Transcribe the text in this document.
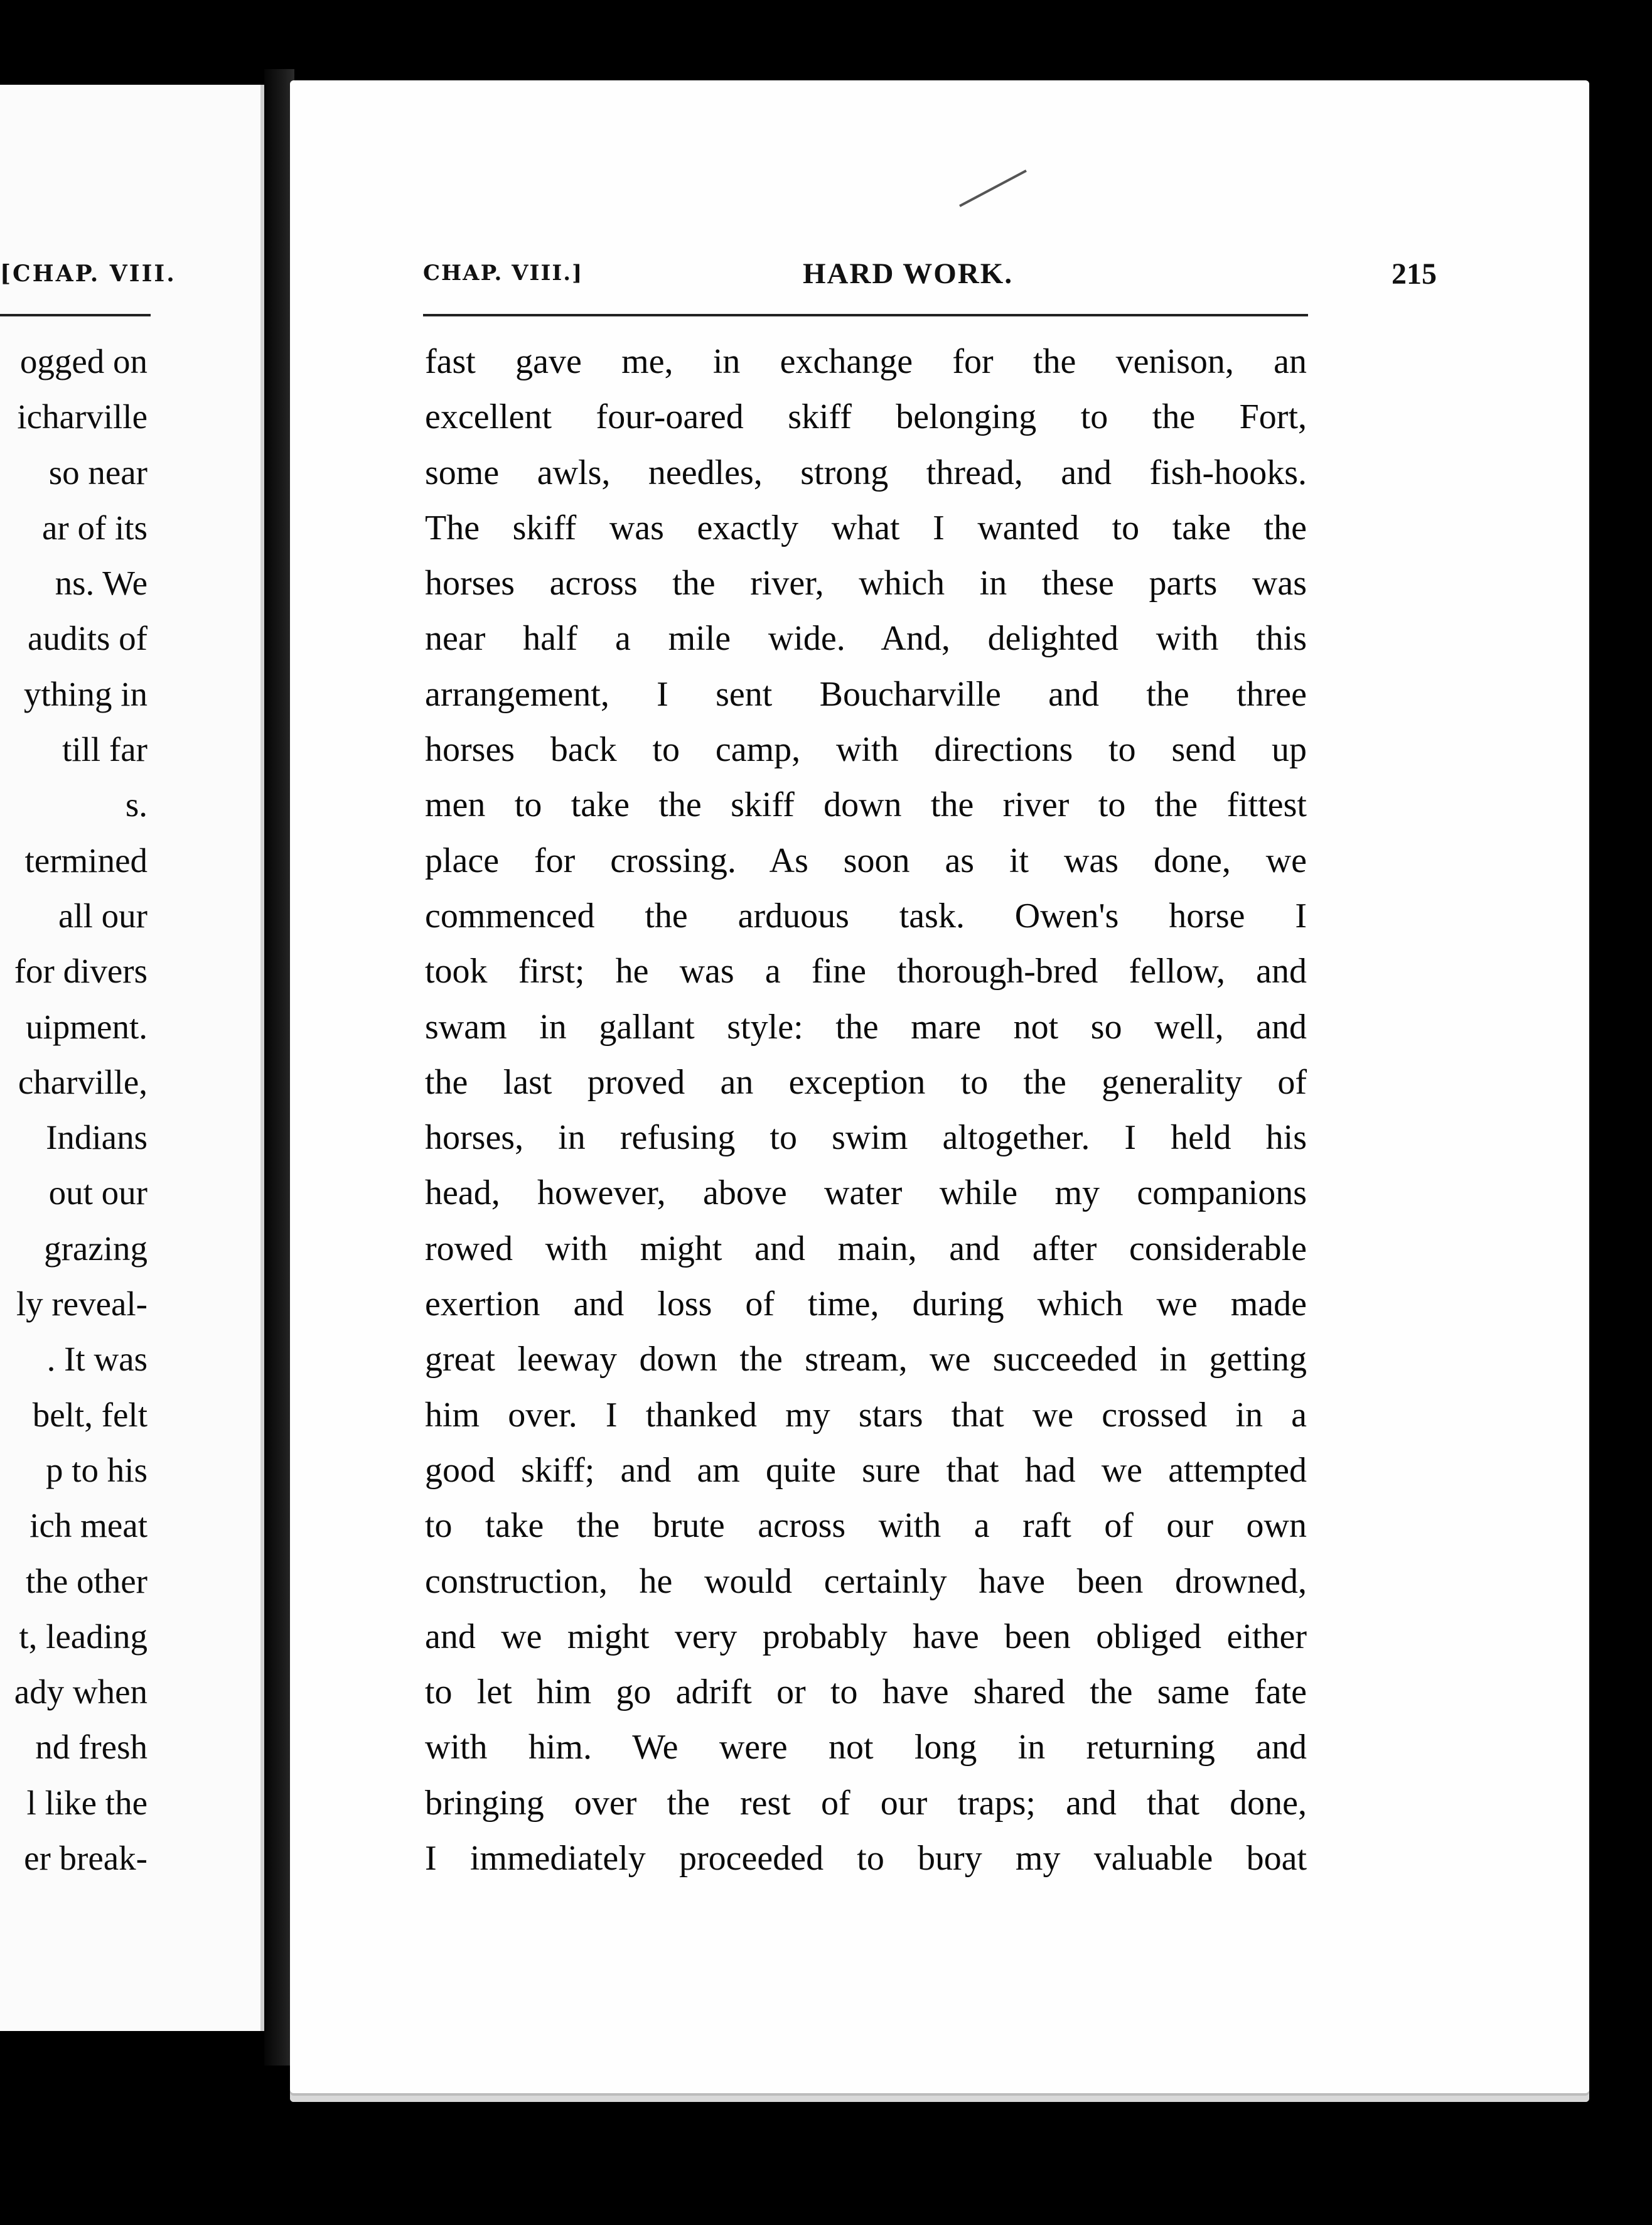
[CHAP. VIII.
ogged on
icharville
so near
ar of its
ns. We
audits of
ything in
till far
s.
termined
all our
for divers
uipment.
charville,
Indians
out our
grazing
ly reveal-
. It was
belt, felt
p to his
ich meat
the other
t, leading
ady when
nd fresh
l like the
er break-
CHAP. VIII.]	HARD WORK.	215
fast gave me, in exchange for the venison, an
excellent four-oared skiff belonging to the Fort,
some awls, needles, strong thread, and fish-hooks.
The skiff was exactly what I wanted to take the
horses across the river, which in these parts was
near half a mile wide. And, delighted with this
arrangement, I sent Boucharville and the three
horses back to camp, with directions to send up
men to take the skiff down the river to the fittest
place for crossing. As soon as it was done, we
commenced the arduous task. Owen's horse I
took first; he was a fine thorough-bred fellow, and
swam in gallant style: the mare not so well, and
the last proved an exception to the generality of
horses, in refusing to swim altogether. I held his
head, however, above water while my companions
rowed with might and main, and after considerable
exertion and loss of time, during which we made
great leeway down the stream, we succeeded in getting
him over. I thanked my stars that we crossed in a
good skiff; and am quite sure that had we attempted
to take the brute across with a raft of our own
construction, he would certainly have been drowned,
and we might very probably have been obliged either
to let him go adrift or to have shared the same fate
with him. We were not long in returning and
bringing over the rest of our traps; and that done,
I immediately proceeded to bury my valuable boat
